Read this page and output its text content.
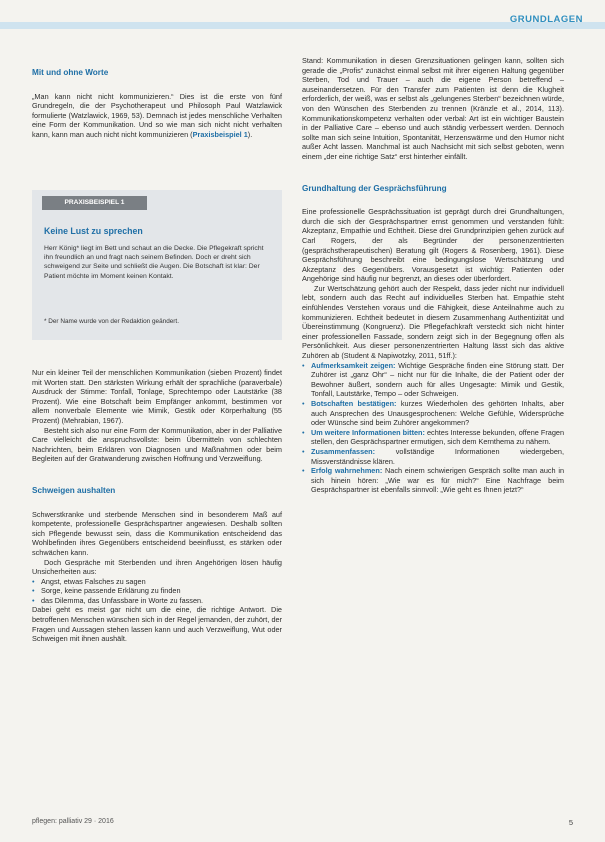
GRUNDLAGEN
Mit und ohne Worte

„Man kann nicht nicht kommunizieren.“ Dies ist die erste von fünf Grundregeln, die der Psychotherapeut und Philosoph Paul Watzlawick formulierte (Watzlawick, 1969, 53). Demnach ist jedes menschliche Verhalten eine Form der Kommunikation. Und so wie man sich nicht nicht verhalten kann, kann man auch nicht nicht kommunizieren (Praxisbeispiel 1).

PRAXISBEISPIEL 1
Keine Lust zu sprechen
Herr König* liegt im Bett und schaut an die Decke. Die Pflegekraft spricht ihn freundlich an und fragt nach seinem Befinden. Doch er dreht sich schweigend zur Seite und schließt die Augen. Die Botschaft ist klar: Der Patient möchte im Moment keinen Kontakt.
* Der Name wurde von der Redaktion geändert.

Nur ein kleiner Teil der menschlichen Kommunikation (sieben Prozent) findet mit Worten statt. Den stärksten Wirkung erhält der sprachliche (paraverbale) Ausdruck der Stimme: Tonfall, Tonlage, Sprechtempo oder Lautstärke (38 Prozent). Wie eine Botschaft beim Empfänger ankommt, bestimmen vor allem nonverbale Elemente wie Mimik, Gestik oder Körperhaltung (55 Prozent) (Mehrabian, 1967).

Besteht sich also nur eine Form der Kommunikation, aber in der Palliative Care vielleicht die anspruchsvollste: beim Übermitteln von schlechten Nachrichten, beim Erklären von Diagnosen und Maßnahmen oder beim Begleiten auf der Gratwanderung zwischen Hoffnung und Verzweiflung.

Schweigen aushalten

Schwerstkranke und sterbende Menschen sind in besonderem Maß auf kompetente, professionelle Gesprächspartner angewiesen. Deshalb sollten sich Pflegende bewusst sein, dass die Kommunikation entscheidend das Wohlbefinden ihres Gegenübers entscheidend beeinflusst, es stärken oder schwächen kann.

Doch Gespräche mit Sterbenden und ihren Angehörigen lösen häufig Unsicherheiten aus:

• Angst, etwas Falsches zu sagen
• Sorge, keine passende Erklärung zu finden
• das Dilemma, das Unfassbare in Worte zu fassen.

Dabei geht es meist gar nicht um die eine, die richtige Antwort. Die betroffenen Menschen wünschen sich in der Regel jemanden, der zuhört, der Fragen und Aussagen stehen lassen kann und auch Verzweiflung, Wut oder Schweigen mit ihnen aushält.

Stand: Kommunikation in diesen Grenzsituationen gelingen kann, sollten sich gerade die „Profis“ zunächst einmal selbst mit ihrer eigenen Haltung gegenüber Sterben, Tod und Trauer – auch die eigene Person betreffend – auseinandersetzen. Für den Transfer zum Patienten ist denn die Klugheit erforderlich, der weiß, was er selbst als „gelungenes Sterben“ bezeichnen würde, von den Wünschen des Sterbenden zu trennen (Kränzle et al., 2014, 113). Kommunikationskompetenz verhalten oder verbal: Art ist ein wichtiger Baustein in der Palliative Care – ebenso und auch ständig verbessert werden. Dennoch sollte man sich seine Intuition, Spontanität, Herzenswärme und den Humor nicht außer Acht lassen. Manchmal ist auch Nachsicht mit sich selbst geboten, wenn einem „der eine richtige Satz“ erst hinterher einfällt.

Grundhaltung der Gesprächsführung

Eine professionelle Gesprächssituation ist geprägt durch drei Grundhaltungen, durch die sich der Gesprächspartner ernst genommen und verstanden fühlt: Akzeptanz, Empathie und Echtheit. Diese drei Grundprinzipien gehen zurück auf Carl Rogers, der als Begründer der personenzentrierten (gesprächstherapeutischen) Beratung gilt (Rogers & Rosenberg, 1961). Diese Gesprächsführung beschreibt eine bedingungslose Wertschätzung und Akzeptanz des Gegenübers. Vorausgesetzt ist wichtig: Patienten oder Angehörige sind häufig nur begrenzt, an dieses oder überfordert.

Zur Wertschätzung gehört auch der Respekt, dass jeder nicht nur individuell lebt, sondern auch das Recht auf individuelles Sterben hat. Empathie steht einfühlendes Verstehen voraus und die Fähigkeit, diese Anteilnahme auch zu kommunizieren. Echtheit bedeutet in diesem Zusammenhang Authentizität und Übereinstimmung (Kongruenz). Die Pflegefachkraft versteckt sich nicht hinter einer professionellen Fassade, sondern zeigt sich in der Begegnung offen als Persönlichkeit. Aus dieser personenzentrierten Haltung lässt sich das aktive Zuhören ab (Student & Napiwotzky, 2011, 51ff.):

• Aufmerksamkeit zeigen: Wichtige Gespräche finden eine Störung statt. Der Zuhörer ist „ganz Ohr“ – nicht nur für die Inhalte, die der Patient oder der Bewohner äußert, sondern auch für alles Ungesagte: Mimik und Gestik, Tonfall, Lautstärke, Tempo – oder Schweigen.
• Botschaften bestätigen: kurzes Wiederholen des gehörten Inhalts, aber auch Ansprechen des Unausgesprochenen: Welche Gefühle, Widersprüche oder Wünsche sind beim Zuhörer angekommen?
• Um weitere Informationen bitten: echtes Interesse bekunden, offene Fragen stellen, den Gesprächspartner ermutigen, sich dem Kernthema zu nähern.
• Zusammenfassen:	vollständige Informationen wiedergeben, Missverständnisse klären.
• Erfolg wahrnehmen: Nach einem schwierigen Gespräch sollte man auch in sich hinein hören: „Wie war es für mich?“ Eine Nachfrage beim Gesprächspartner ist ebenfalls sinnvoll: „Wie geht es Ihnen jetzt?“
pflegen: palliativ 29 · 2016	5
